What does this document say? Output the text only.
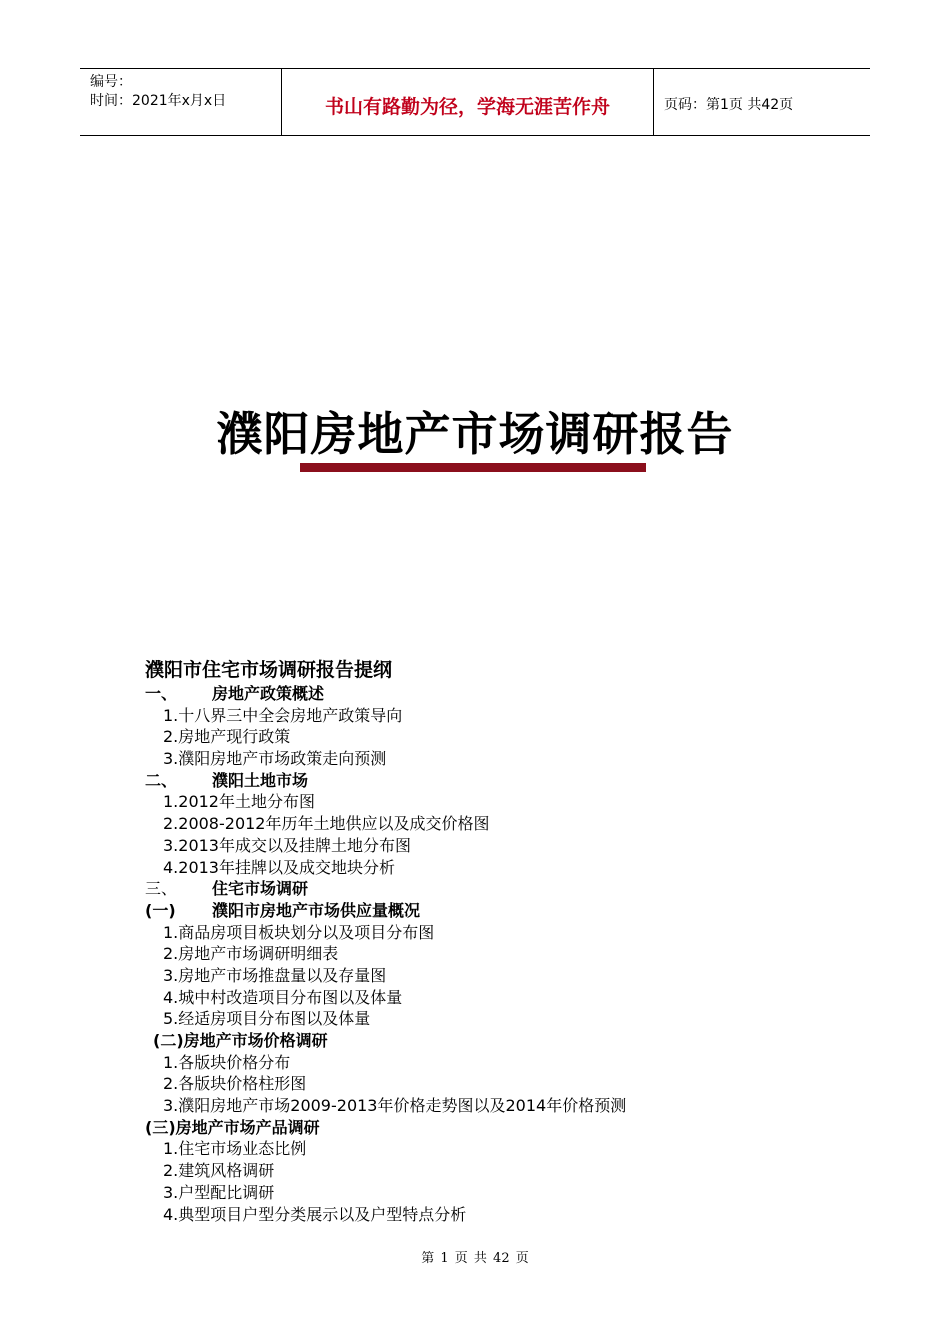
编号：
时间：2021年x月x日	书山有路勤为径，学海无涯苦作舟	页码：第1页 共42页
濮阳房地产市场调研报告
濮阳市住宅市场调研报告提纲
一、 房地产政策概述
1.十八界三中全会房地产政策导向
2.房地产现行政策
3.濮阳房地产市场政策走向预测
二、 濮阳土地市场
1.2012年土地分布图
2.2008-2012年历年土地供应以及成交价格图
3.2013年成交以及挂牌土地分布图
4.2013年挂牌以及成交地块分析
三、 住宅市场调研
(一) 濮阳市房地产市场供应量概况
1.商品房项目板块划分以及项目分布图
2.房地产市场调研明细表
3.房地产市场推盘量以及存量图
4.城中村改造项目分布图以及体量
5.经适房项目分布图以及体量
(二)房地产市场价格调研
1.各版块价格分布
2.各版块价格柱形图
3.濮阳房地产市场2009-2013年价格走势图以及2014年价格预测
(三)房地产市场产品调研
1.住宅市场业态比例
2.建筑风格调研
3.户型配比调研
4.典型项目户型分类展示以及户型特点分析
第 1 页 共 42 页
